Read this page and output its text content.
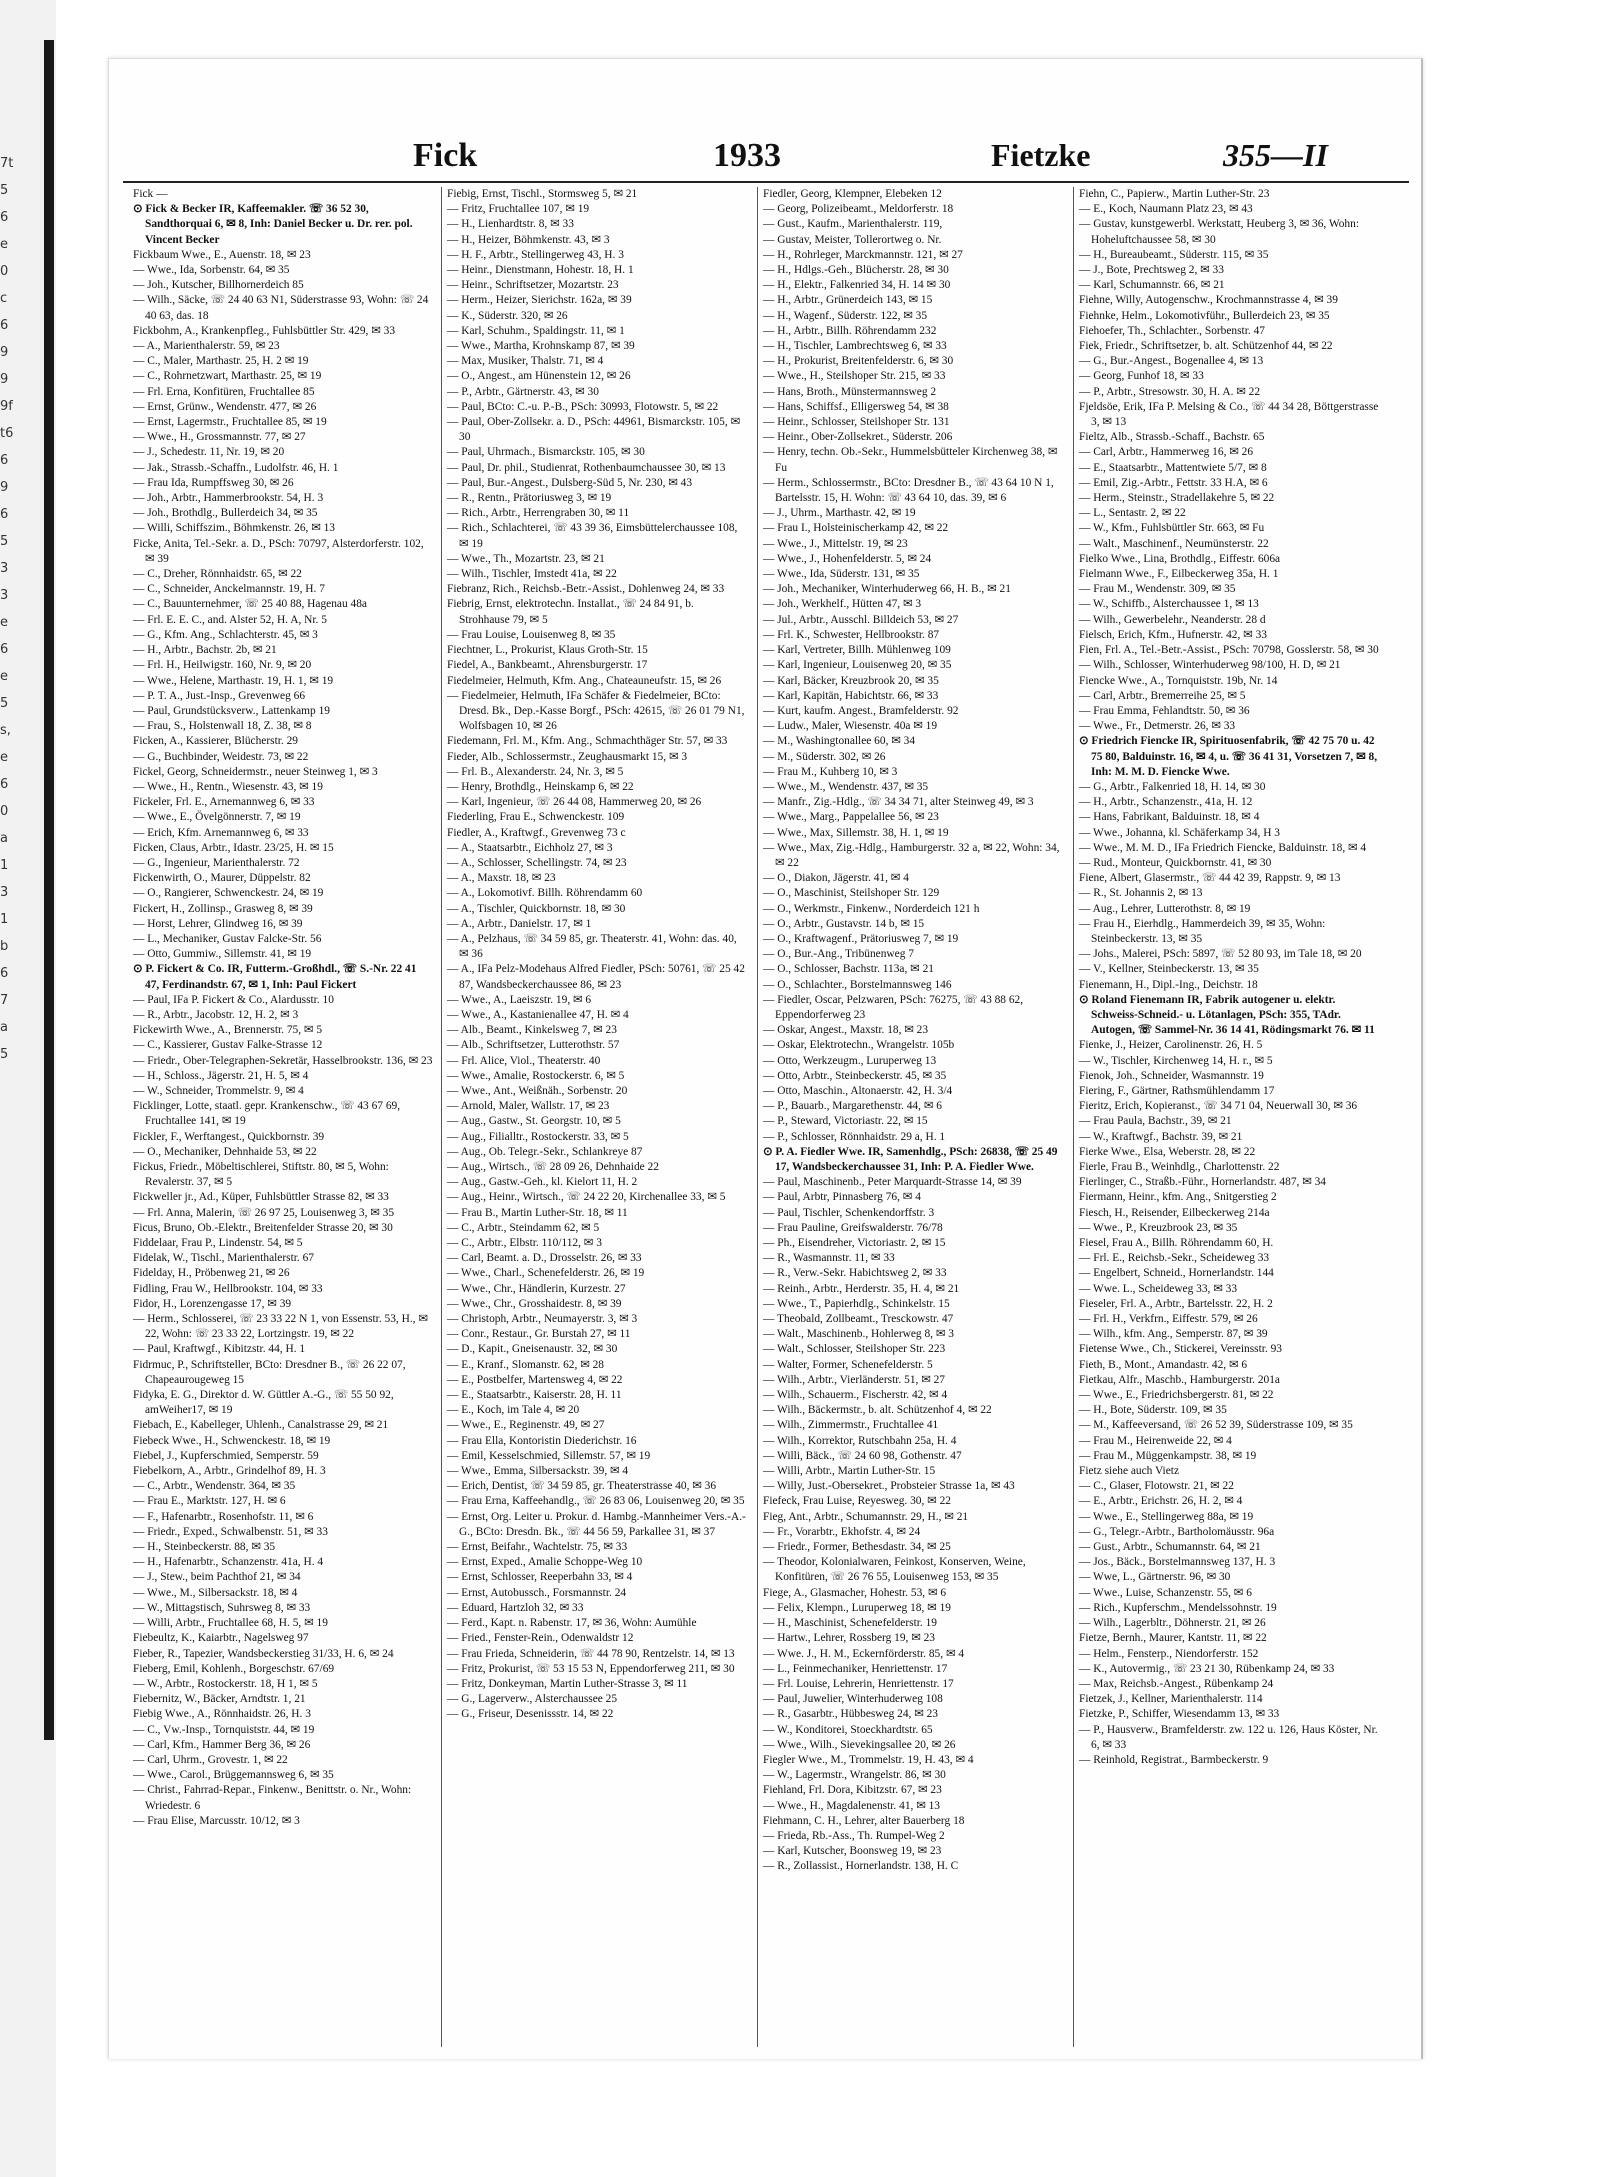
7t56e0c6999ft6696533e6e5s,e60a131b67a5
Fick	1933	Fietzke	355—II

Fick —

⊙ Fick & Becker IR, Kaffeemakler. ☏ 36 52 30, Sandthorquai 6, ✉ 8, Inh: Daniel Becker u. Dr. rer. pol. Vincent Becker

Fickbaum Wwe., E., Auenstr. 18, ✉ 23

— Wwe., Ida, Sorbenstr. 64, ✉ 35

— Joh., Kutscher, Billhornerdeich 85

— Wilh., Säcke, ☏ 24 40 63 N1, Süderstrasse 93, Wohn: ☏ 24 40 63, das. 18

Fickbohm, A., Krankenpfleg., Fuhlsbüttler Str. 429, ✉ 33

— A., Marienthalerstr. 59, ✉ 23

— C., Maler, Marthastr. 25, H. 2 ✉ 19

— C., Rohrnetzwart, Marthastr. 25, ✉ 19

— Frl. Erna, Konfitüren, Fruchtallee 85

— Ernst, Grünw., Wendenstr. 477, ✉ 26

— Ernst, Lagermstr., Fruchtallee 85, ✉ 19

— Wwe., H., Grossmannstr. 77, ✉ 27

— J., Schedestr. 11, Nr. 19, ✉ 20

— Jak., Strassb.-Schaffn., Ludolfstr. 46, H. 1

— Frau Ida, Rumpffsweg 30, ✉ 26

— Joh., Arbtr., Hammerbrookstr. 54, H. 3

— Joh., Brothdlg., Bullerdeich 34, ✉ 35

— Willi, Schiffszim., Böhmkenstr. 26, ✉ 13

Ficke, Anita, Tel.-Sekr. a. D., PSch: 70797, Alsterdorferstr. 102, ✉ 39

— C., Dreher, Rönnhaidstr. 65, ✉ 22

— C., Schneider, Anckelmannstr. 19, H. 7

— C., Bauunternehmer, ☏ 25 40 88, Hagenau 48a

— Frl. E. E. C., and. Alster 52, H. A, Nr. 5

— G., Kfm. Ang., Schlachterstr. 45, ✉ 3

— H., Arbtr., Bachstr. 2b, ✉ 21

— Frl. H., Heilwigstr. 160, Nr. 9, ✉ 20

— Wwe., Helene, Marthastr. 19, H. 1, ✉ 19

— P. T. A., Just.-Insp., Grevenweg 66

— Paul, Grundstücksverw., Lattenkamp 19

— Frau, S., Holstenwall 18, Z. 38, ✉ 8

Ficken, A., Kassierer, Blücherstr. 29

— G., Buchbinder, Weidestr. 73, ✉ 22

Fickel, Georg, Schneidermstr., neuer Steinweg 1, ✉ 3

— Wwe., H., Rentn., Wiesenstr. 43, ✉ 19

Fickeler, Frl. E., Arnemannweg 6, ✉ 33

— Wwe., E., Övelgönnerstr. 7, ✉ 19

— Erich, Kfm. Arnemannweg 6, ✉ 33

Ficken, Claus, Arbtr., Idastr. 23/25, H. ✉ 15

— G., Ingenieur, Marienthalerstr. 72

Fickenwirth, O., Maurer, Düppelstr. 82

— O., Rangierer, Schwenckestr. 24, ✉ 19

Fickert, H., Zollinsp., Grasweg 8, ✉ 39

— Horst, Lehrer, Glindweg 16, ✉ 39

— L., Mechaniker, Gustav Falcke-Str. 56

— Otto, Gummiw., Sillemstr. 41, ✉ 19

⊙ P. Fickert & Co. IR, Futterm.-Großhdl., ☏ S.-Nr. 22 41 47, Ferdinandstr. 67, ✉ 1, Inh: Paul Fickert

— Paul, IFa P. Fickert & Co., Alardusstr. 10

— R., Arbtr., Jacobstr. 12, H. 2, ✉ 3

Fickewirth Wwe., A., Brennerstr. 75, ✉ 5

— C., Kassierer, Gustav Falke-Strasse 12

— Friedr., Ober-Telegraphen-Sekretär, Hasselbrookstr. 136, ✉ 23

— H., Schloss., Jägerstr. 21, H. 5, ✉ 4

— W., Schneider, Trommelstr. 9, ✉ 4

Ficklinger, Lotte, staatl. gepr. Krankenschw., ☏ 43 67 69, Fruchtallee 141, ✉ 19

Fickler, F., Werftangest., Quickbornstr. 39

— O., Mechaniker, Dehnhaide 53, ✉ 22

Fickus, Friedr., Möbeltischlerei, Stiftstr. 80, ✉ 5, Wohn: Revalerstr. 37, ✉ 5

Fickweller jr., Ad., Küper, Fuhlsbüttler Strasse 82, ✉ 33

— Frl. Anna, Malerin, ☏ 26 97 25, Louisenweg 3, ✉ 35

Ficus, Bruno, Ob.-Elektr., Breitenfelder Strasse 20, ✉ 30

Fiddelaar, Frau P., Lindenstr. 54, ✉ 5

Fidelak, W., Tischl., Marienthalerstr. 67

Fidelday, H., Pröbenweg 21, ✉ 26

Fidling, Frau W., Hellbrookstr. 104, ✉ 33

Fidor, H., Lorenzengasse 17, ✉ 39

— Herm., Schlosserei, ☏ 23 33 22 N 1, von Essenstr. 53, H., ✉ 22, Wohn: ☏ 23 33 22, Lortzingstr. 19, ✉ 22

— Paul, Kraftwgf., Kibitzstr. 44, H. 1

Fidrmuc, P., Schriftsteller, BCto: Dresdner B., ☏ 26 22 07, Chapeaurougeweg 15

Fidyka, E. G., Direktor d. W. Güttler A.-G., ☏ 55 50 92, amWeiher17, ✉ 19

Fiebach, E., Kabelleger, Uhlenh., Canalstrasse 29, ✉ 21

Fiebeck Wwe., H., Schwenckestr. 18, ✉ 19

Fiebel, J., Kupferschmied, Semperstr. 59

Fiebelkorn, A., Arbtr., Grindelhof 89, H. 3

— C., Arbtr., Wendenstr. 364, ✉ 35

— Frau E., Marktstr. 127, H. ✉ 6

— F., Hafenarbtr., Rosenhofstr. 11, ✉ 6

— Friedr., Exped., Schwalbenstr. 51, ✉ 33

— H., Steinbeckerstr. 88, ✉ 35

— H., Hafenarbtr., Schanzenstr. 41a, H. 4

— J., Stew., beim Pachthof 21, ✉ 34

— Wwe., M., Silbersackstr. 18, ✉ 4

— W., Mittagstisch, Suhrsweg 8, ✉ 33

— Willi, Arbtr., Fruchtallee 68, H. 5, ✉ 19

Fiebeultz, K., Kaiarbtr., Nagelsweg 97

Fieber, R., Tapezier, Wandsbeckerstieg 31/33, H. 6, ✉ 24

Fieberg, Emil, Kohlenh., Borgeschstr. 67/69

— W., Arbtr., Rostockerstr. 18, H 1, ✉ 5

Fiebernitz, W., Bäcker, Arndtstr. 1, 21

Fiebig Wwe., A., Rönnhaidstr. 26, H. 3

— C., Vw.-Insp., Tornquiststr. 44, ✉ 19

— Carl, Kfm., Hammer Berg 36, ✉ 26

— Carl, Uhrm., Grovestr. 1, ✉ 22

— Wwe., Carol., Brüggemannsweg 6, ✉ 35

— Christ., Fahrrad-Repar., Finkenw., Benittstr. o. Nr., Wohn: Wriedestr. 6

— Frau Elise, Marcusstr. 10/12, ✉ 3

Fiebig, Ernst, Tischl., Stormsweg 5, ✉ 21

— Fritz, Fruchtallee 107, ✉ 19

— H., Lienhardtstr. 8, ✉ 33

— H., Heizer, Böhmkenstr. 43, ✉ 3

— H. F., Arbtr., Stellingerweg 43, H. 3

— Heinr., Dienstmann, Hohestr. 18, H. 1

— Heinr., Schriftsetzer, Mozartstr. 23

— Herm., Heizer, Sierichstr. 162a, ✉ 39

— K., Süderstr. 320, ✉ 26

— Karl, Schuhm., Spaldingstr. 11, ✉ 1

— Wwe., Martha, Krohnskamp 87, ✉ 39

— Max, Musiker, Thalstr. 71, ✉ 4

— O., Angest., am Hünenstein 12, ✉ 26

— P., Arbtr., Gärtnerstr. 43, ✉ 30

— Paul, BCto: C.-u. P.-B., PSch: 30993, Flotowstr. 5, ✉ 22

— Paul, Ober-Zollsekr. a. D., PSch: 44961, Bismarckstr. 105, ✉ 30

— Paul, Uhrmach., Bismarckstr. 105, ✉ 30

— Paul, Dr. phil., Studienrat, Rothenbaumchaussee 30, ✉ 13

— Paul, Bur.-Angest., Dulsberg-Süd 5, Nr. 230, ✉ 43

— R., Rentn., Prätoriusweg 3, ✉ 19

— Rich., Arbtr., Herrengraben 30, ✉ 11

— Rich., Schlachterei, ☏ 43 39 36, Eimsbüttelerchaussee 108, ✉ 19

— Wwe., Th., Mozartstr. 23, ✉ 21

— Wilh., Tischler, Imstedt 41a, ✉ 22

Fiebranz, Rich., Reichsb.-Betr.-Assist., Dohlenweg 24, ✉ 33

Fiebrig, Ernst, elektrotechn. Installat., ☏ 24 84 91, b. Strohhause 79, ✉ 5

— Frau Louise, Louisenweg 8, ✉ 35

Fiechtner, L., Prokurist, Klaus Groth-Str. 15

Fiedel, A., Bankbeamt., Ahrensburgerstr. 17

Fiedelmeier, Helmuth, Kfm. Ang., Chateauneufstr. 15, ✉ 26

— Fiedelmeier, Helmuth, IFa Schäfer & Fiedelmeier, BCto: Dresd. Bk., Dep.-Kasse Borgf., PSch: 42615, ☏ 26 01 79 N1, Wolfsbagen 10, ✉ 26

Fiedemann, Frl. M., Kfm. Ang., Schmachthäger Str. 57, ✉ 33

Fieder, Alb., Schlossermstr., Zeughausmarkt 15, ✉ 3

— Frl. B., Alexanderstr. 24, Nr. 3, ✉ 5

— Henry, Brothdlg., Heinskamp 6, ✉ 22

— Karl, Ingenieur, ☏ 26 44 08, Hammerweg 20, ✉ 26

Fiederling, Frau E., Schwenckestr. 109

Fiedler, A., Kraftwgf., Grevenweg 73 c

— A., Staatsarbtr., Eichholz 27, ✉ 3

— A., Schlosser, Schellingstr. 74, ✉ 23

— A., Maxstr. 18, ✉ 23

— A., Lokomotivf. Billh. Röhrendamm 60

— A., Tischler, Quickbornstr. 18, ✉ 30

— A., Arbtr., Danielstr. 17, ✉ 1

— A., Pelzhaus, ☏ 34 59 85, gr. Theaterstr. 41, Wohn: das. 40, ✉ 36

— A., IFa Pelz-Modehaus Alfred Fiedler, PSch: 50761, ☏ 25 42 87, Wandsbeckerchaussee 86, ✉ 23

— Wwe., A., Laeiszstr. 19, ✉ 6

— Wwe., A., Kastanienallee 47, H. ✉ 4

— Alb., Beamt., Kinkelsweg 7, ✉ 23

— Alb., Schriftsetzer, Lutterothstr. 57

— Frl. Alice, Viol., Theaterstr. 40

— Wwe., Amalie, Rostockerstr. 6, ✉ 5

— Wwe., Ant., Weißnäh., Sorbenstr. 20

— Arnold, Maler, Wallstr. 17, ✉ 23

— Aug., Gastw., St. Georgstr. 10, ✉ 5

— Aug., Filialltr., Rostockerstr. 33, ✉ 5

— Aug., Ob. Telegr.-Sekr., Schlankreye 87

— Aug., Wirtsch., ☏ 28 09 26, Dehnhaide 22

— Aug., Gastw.-Geh., kl. Kielort 11, H. 2

— Aug., Heinr., Wirtsch., ☏ 24 22 20, Kirchenallee 33, ✉ 5

— Frau B., Martin Luther-Str. 18, ✉ 11

— C., Arbtr., Steindamm 62, ✉ 5

— C., Arbtr., Elbstr. 110/112, ✉ 3

— Carl, Beamt. a. D., Drosselstr. 26, ✉ 33

— Wwe., Charl., Schenefelderstr. 26, ✉ 19

— Wwe., Chr., Händlerin, Kurzestr. 27

— Wwe., Chr., Grosshaidestr. 8, ✉ 39

— Christoph, Arbtr., Neumayerstr. 3, ✉ 3

— Conr., Restaur., Gr. Burstah 27, ✉ 11

— D., Kapit., Gneisenaustr. 32, ✉ 30

— E., Kranf., Slomanstr. 62, ✉ 28

— E., Postbelfer, Martensweg 4, ✉ 22

— E., Staatsarbtr., Kaiserstr. 28, H. 11

— E., Koch, im Tale 4, ✉ 20

— Wwe., E., Reginenstr. 49, ✉ 27

— Frau Ella, Kontoristin Diederichstr. 16

— Emil, Kesselschmied, Sillemstr. 57, ✉ 19

— Wwe., Emma, Silbersackstr. 39, ✉ 4

— Erich, Dentist, ☏ 34 59 85, gr. Theaterstrasse 40, ✉ 36

— Frau Erna, Kaffeehandlg., ☏ 26 83 06, Louisenweg 20, ✉ 35

— Ernst, Org. Leiter u. Prokur. d. Hambg.-Mannheimer Vers.-A.-G., BCto: Dresdn. Bk., ☏ 44 56 59, Parkallee 31, ✉ 37

— Ernst, Beifahr., Wachtelstr. 75, ✉ 33

— Ernst, Exped., Amalie Schoppe-Weg 10

— Ernst, Schlosser, Reeperbahn 33, ✉ 4

— Ernst, Autobussch., Forsmannstr. 24

— Eduard, Hartzloh 32, ✉ 33

— Ferd., Kapt. n. Rabenstr. 17, ✉ 36, Wohn: Aumühle

— Fried., Fenster-Rein., Odenwaldstr 12

— Frau Frieda, Schneiderin, ☏ 44 78 90, Rentzelstr. 14, ✉ 13

— Fritz, Prokurist, ☏ 53 15 53 N, Eppendorferweg 211, ✉ 30

— Fritz, Donkeyman, Martin Luther-Strasse 3, ✉ 11

— G., Lagerverw., Alsterchaussee 25

— G., Friseur, Desenissstr. 14, ✉ 22

Fiedler, Georg, Klempner, Elebeken 12

— Georg, Polizeibeamt., Meldorferstr. 18

— Gust., Kaufm., Marienthalerstr. 119,

— Gustav, Meister, Tollerortweg o. Nr.

— H., Rohrleger, Marckmannstr. 121, ✉ 27

— H., Hdlgs.-Geh., Blücherstr. 28, ✉ 30

— H., Elektr., Falkenried 34, H. 14 ✉ 30

— H., Arbtr., Grünerdeich 143, ✉ 15

— H., Wagenf., Süderstr. 122, ✉ 35

— H., Arbtr., Billh. Röhrendamm 232

— H., Tischler, Lambrechtsweg 6, ✉ 33

— H., Prokurist, Breitenfelderstr. 6, ✉ 30

— Wwe., H., Steilshoper Str. 215, ✉ 33

— Hans, Broth., Münstermannsweg 2

— Hans, Schiffsf., Elligersweg 54, ✉ 38

— Heinr., Schlosser, Steilshoper Str. 131

— Heinr., Ober-Zollsekret., Süderstr. 206

— Henry, techn. Ob.-Sekr., Hummelsbütteler Kirchenweg 38, ✉ Fu

— Herm., Schlossermstr., BCto: Dresdner B., ☏ 43 64 10 N 1, Bartelsstr. 15, H. Wohn: ☏ 43 64 10, das. 39, ✉ 6

— J., Uhrm., Marthastr. 42, ✉ 19

— Frau I., Holsteinischerkamp 42, ✉ 22

— Wwe., J., Mittelstr. 19, ✉ 23

— Wwe., J., Hohenfelderstr. 5, ✉ 24

— Wwe., Ida, Süderstr. 131, ✉ 35

— Joh., Mechaniker, Winterhuderweg 66, H. B., ✉ 21

— Joh., Werkhelf., Hütten 47, ✉ 3

— Jul., Arbtr., Ausschl. Billdeich 53, ✉ 27

— Frl. K., Schwester, Hellbrookstr. 87

— Karl, Vertreter, Billh. Mühlenweg 109

— Karl, Ingenieur, Louisenweg 20, ✉ 35

— Karl, Bäcker, Kreuzbrook 20, ✉ 35

— Karl, Kapitän, Habichtstr. 66, ✉ 33

— Kurt, kaufm. Angest., Bramfelderstr. 92

— Ludw., Maler, Wiesenstr. 40a ✉ 19

— M., Washingtonallee 60, ✉ 34

— M., Süderstr. 302, ✉ 26

— Frau M., Kuhberg 10, ✉ 3

— Wwe., M., Wendenstr. 437, ✉ 35

— Manfr., Zig.-Hdlg., ☏ 34 34 71, alter Steinweg 49, ✉ 3

— Wwe., Marg., Pappelallee 56, ✉ 23

— Wwe., Max, Sillemstr. 38, H. 1, ✉ 19

— Wwe., Max, Zig.-Hdlg., Hamburgerstr. 32 a, ✉ 22, Wohn: 34, ✉ 22

— O., Diakon, Jägerstr. 41, ✉ 4

— O., Maschinist, Steilshoper Str. 129

— O., Werkmstr., Finkenw., Norderdeich 121 h

— O., Arbtr., Gustavstr. 14 b, ✉ 15

— O., Kraftwagenf., Prätoriusweg 7, ✉ 19

— O., Bur.-Ang., Tribünenweg 7

— O., Schlosser, Bachstr. 113a, ✉ 21

— O., Schlachter., Borstelmannsweg 146

— Fiedler, Oscar, Pelzwaren, PSch: 76275, ☏ 43 88 62, Eppendorferweg 23

— Oskar, Angest., Maxstr. 18, ✉ 23

— Oskar, Elektrotechn., Wrangelstr. 105b

— Otto, Werkzeugm., Luruperweg 13

— Otto, Arbtr., Steinbeckerstr. 45, ✉ 35

— Otto, Maschin., Altonaerstr. 42, H. 3/4

— P., Bauarb., Margarethenstr. 44, ✉ 6

— P., Steward, Victoriastr. 22, ✉ 15

— P., Schlosser, Rönnhaidstr. 29 a, H. 1

⊙ P. A. Fiedler Wwe. IR, Samenhdlg., PSch: 26838, ☏ 25 49 17, Wandsbeckerchaussee 31, Inh: P. A. Fiedler Wwe.

— Paul, Maschinenb., Peter Marquardt-Strasse 14, ✉ 39

— Paul, Arbtr, Pinnasberg 76, ✉ 4

— Paul, Tischler, Schenkendorffstr. 3

— Frau Pauline, Greifswalderstr. 76/78

— Ph., Eisendreher, Victoriastr. 2, ✉ 15

— R., Wasmannstr. 11, ✉ 33

— R., Verw.-Sekr. Habichtsweg 2, ✉ 33

— Reinh., Arbtr., Herderstr. 35, H. 4, ✉ 21

— Wwe., T., Papierhdlg., Schinkelstr. 15

— Theobald, Zollbeamt., Tresckowstr. 47

— Walt., Maschinenb., Hohlerweg 8, ✉ 3

— Walt., Schlosser, Steilshoper Str. 223

— Walter, Former, Schenefelderstr. 5

— Wilh., Arbtr., Vierländerstr. 51, ✉ 27

— Wilh., Schauerm., Fischerstr. 42, ✉ 4

— Wilh., Bäckermstr., b. alt. Schützenhof 4, ✉ 22

— Wilh., Zimmermstr., Fruchtallee 41

— Wilh., Korrektor, Rutschbahn 25a, H. 4

— Willi, Bäck., ☏ 24 60 98, Gothenstr. 47

— Willi, Arbtr., Martin Luther-Str. 15

— Willy, Just.-Obersekret., Probsteier Strasse 1a, ✉ 43

Fiefeck, Frau Luise, Reyesweg. 30, ✉ 22

Fieg, Ant., Arbtr., Schumannstr. 29, H., ✉ 21

— Fr., Vorarbtr., Ekhofstr. 4, ✉ 24

— Friedr., Former, Bethesdastr. 34, ✉ 25

— Theodor, Kolonialwaren, Feinkost, Konserven, Weine, Konfitüren, ☏ 26 76 55, Louisenweg 153, ✉ 35

Fiege, A., Glasmacher, Hohestr. 53, ✉ 6

— Felix, Klempn., Luruperweg 18, ✉ 19

— H., Maschinist, Schenefelderstr. 19

— Hartw., Lehrer, Rossberg 19, ✉ 23

— Wwe. J., H. M., Eckernförderstr. 85, ✉ 4

— L., Feinmechaniker, Henriettenstr. 17

— Frl. Louise, Lehrerin, Henriettenstr. 17

— Paul, Juwelier, Winterhuderweg 108

— R., Gasarbtr., Hübbesweg 24, ✉ 23

— W., Konditorei, Stoeckhardtstr. 65

— Wwe., Wilh., Sievekingsallee 20, ✉ 26

Fiegler Wwe., M., Trommelstr. 19, H. 43, ✉ 4

— W., Lagermstr., Wrangelstr. 86, ✉ 30

Fiehland, Frl. Dora, Kibitzstr. 67, ✉ 23

— Wwe., H., Magdalenenstr. 41, ✉ 13

Fiehmann, C. H., Lehrer, alter Bauerberg 18

— Frieda, Rb.-Ass., Th. Rumpel-Weg 2

— Karl, Kutscher, Boonsweg 19, ✉ 23

— R., Zollassist., Hornerlandstr. 138, H. C

Fiehn, C., Papierw., Martin Luther-Str. 23

— E., Koch, Naumann Platz 23, ✉ 43

— Gustav, kunstgewerbl. Werkstatt, Heuberg 3, ✉ 36, Wohn: Hoheluftchaussee 58, ✉ 30

— H., Bureaubeamt., Süderstr. 115, ✉ 35

— J., Bote, Prechtsweg 2, ✉ 33

— Karl, Schumannstr. 66, ✉ 21

Fiehne, Willy, Autogenschw., Krochmannstrasse 4, ✉ 39

Fiehnke, Helm., Lokomotivführ., Bullerdeich 23, ✉ 35

Fiehoefer, Th., Schlachter., Sorbenstr. 47

Fiek, Friedr., Schriftsetzer, b. alt. Schützenhof 44, ✉ 22

— G., Bur.-Angest., Bogenallee 4, ✉ 13

— Georg, Funhof 18, ✉ 33

— P., Arbtr., Stresowstr. 30, H. A. ✉ 22

Fjeldsöe, Erik, IFa P. Melsing & Co., ☏ 44 34 28, Böttgerstrasse 3, ✉ 13

Fieltz, Alb., Strassb.-Schaff., Bachstr. 65

— Carl, Arbtr., Hammerweg 16, ✉ 26

— E., Staatsarbtr., Mattentwiete 5/7, ✉ 8

— Emil, Zig.-Arbtr., Fettstr. 33 H.A, ✉ 6

— Herm., Steinstr., Stradellakehre 5, ✉ 22

— L., Sentastr. 2, ✉ 22

— W., Kfm., Fuhlsbüttler Str. 663, ✉ Fu

— Walt., Maschinenf., Neumünsterstr. 22

Fielko Wwe., Lina, Brothdlg., Eiffestr. 606a

Fielmann Wwe., F., Eilbeckerweg 35a, H. 1

— Frau M., Wendenstr. 309, ✉ 35

— W., Schiffb., Alsterchaussee 1, ✉ 13

— Wilh., Gewerbelehr., Neanderstr. 28 d

Fielsch, Erich, Kfm., Hufnerstr. 42, ✉ 33

Fien, Frl. A., Tel.-Betr.-Assist., PSch: 70798, Gosslerstr. 58, ✉ 30

— Wilh., Schlosser, Winterhuderweg 98/100, H. D, ✉ 21

Fiencke Wwe., A., Tornquiststr. 19b, Nr. 14

— Carl, Arbtr., Bremerreihe 25, ✉ 5

— Frau Emma, Fehlandtstr. 50, ✉ 36

— Wwe., Fr., Detmerstr. 26, ✉ 33

⊙ Friedrich Fiencke IR, Spirituosenfabrik, ☏ 42 75 70 u. 42 75 80, Balduinstr. 16, ✉ 4, u. ☏ 36 41 31, Vorsetzen 7, ✉ 8, Inh: M. M. D. Fiencke Wwe.

— G., Arbtr., Falkenried 18, H. 14, ✉ 30

— H., Arbtr., Schanzenstr., 41a, H. 12

— Hans, Fabrikant, Balduinstr. 18, ✉ 4

— Wwe., Johanna, kl. Schäferkamp 34, H 3

— Wwe., M. M. D., IFa Friedrich Fiencke, Balduinstr. 18, ✉ 4

— Rud., Monteur, Quickbornstr. 41, ✉ 30

Fiene, Albert, Glasermstr., ☏ 44 42 39, Rappstr. 9, ✉ 13

— R., St. Johannis 2, ✉ 13

— Aug., Lehrer, Lutterothstr. 8, ✉ 19

— Frau H., Eierhdlg., Hammerdeich 39, ✉ 35, Wohn: Steinbeckerstr. 13, ✉ 35

— Johs., Malerei, PSch: 5897, ☏ 52 80 93, im Tale 18, ✉ 20

— V., Kellner, Steinbeckerstr. 13, ✉ 35

Fienemann, H., Dipl.-Ing., Deichstr. 18

⊙ Roland Fienemann IR, Fabrik autogener u. elektr. Schweiss-Schneid.- u. Lötanlagen, PSch: 355, TAdr. Autogen, ☏ Sammel-Nr. 36 14 41, Rödingsmarkt 76. ✉ 11

Fienke, J., Heizer, Carolinenstr. 26, H. 5

— W., Tischler, Kirchenweg 14, H. r., ✉ 5

Fienok, Joh., Schneider, Wasmannstr. 19

Fiering, F., Gärtner, Rathsmühlendamm 17

Fieritz, Erich, Kopieranst., ☏ 34 71 04, Neuerwall 30, ✉ 36

— Frau Paula, Bachstr., 39, ✉ 21

— W., Kraftwgf., Bachstr. 39, ✉ 21

Fierke Wwe., Elsa, Weberstr. 28, ✉ 22

Fierle, Frau B., Weinhdlg., Charlottenstr. 22

Fierlinger, C., Straßb.-Führ., Hornerlandstr. 487, ✉ 34

Fiermann, Heinr., kfm. Ang., Snitgerstieg 2

Fiesch, H., Reisender, Eilbeckerweg 214a

— Wwe., P., Kreuzbrook 23, ✉ 35

Fiesel, Frau A., Billh. Röhrendamm 60, H.

— Frl. E., Reichsb.-Sekr., Scheideweg 33

— Engelbert, Schneid., Hornerlandstr. 144

— Wwe. L., Scheideweg 33, ✉ 33

Fieseler, Frl. A., Arbtr., Bartelsstr. 22, H. 2

— Frl. H., Verkfrn., Eiffestr. 579, ✉ 26

— Wilh., kfm. Ang., Semperstr. 87, ✉ 39

Fietense Wwe., Ch., Stickerei, Vereinsstr. 93

Fieth, B., Mont., Amandastr. 42, ✉ 6

Fietkau, Alfr., Maschb., Hamburgerstr. 201a

— Wwe., E., Friedrichsbergerstr. 81, ✉ 22

— H., Bote, Süderstr. 109, ✉ 35

— M., Kaffeeversand, ☏ 26 52 39, Süderstrasse 109, ✉ 35

— Frau M., Heirenweide 22, ✉ 4

— Frau M., Müggenkampstr. 38, ✉ 19

Fietz siehe auch Vietz

— C., Glaser, Flotowstr. 21, ✉ 22

— E., Arbtr., Erichstr. 26, H. 2, ✉ 4

— Wwe., E., Stellingerweg 88a, ✉ 19

— G., Telegr.-Arbtr., Bartholomäusstr. 96a

— Gust., Arbtr., Schumannstr. 64, ✉ 21

— Jos., Bäck., Borstelmannsweg 137, H. 3

— Wwe, L., Gärtnerstr. 96, ✉ 30

— Wwe., Luise, Schanzenstr. 55, ✉ 6

— Rich., Kupferschm., Mendelssohnstr. 19

— Wilh., Lagerbltr., Döhnerstr. 21, ✉ 26

Fietze, Bernh., Maurer, Kantstr. 11, ✉ 22

— Helm., Fensterp., Niendorferstr. 152

— K., Autovermig., ☏ 23 21 30, Rübenkamp 24, ✉ 33

— Max, Reichsb.-Angest., Rübenkamp 24

Fietzek, J., Kellner, Marienthalerstr. 114

Fietzke, P., Schiffer, Wiesendamm 13, ✉ 33

— P., Hausverw., Bramfelderstr. zw. 122 u. 126, Haus Köster, Nr. 6, ✉ 33

— Reinhold, Registrat., Barmbeckerstr. 9
